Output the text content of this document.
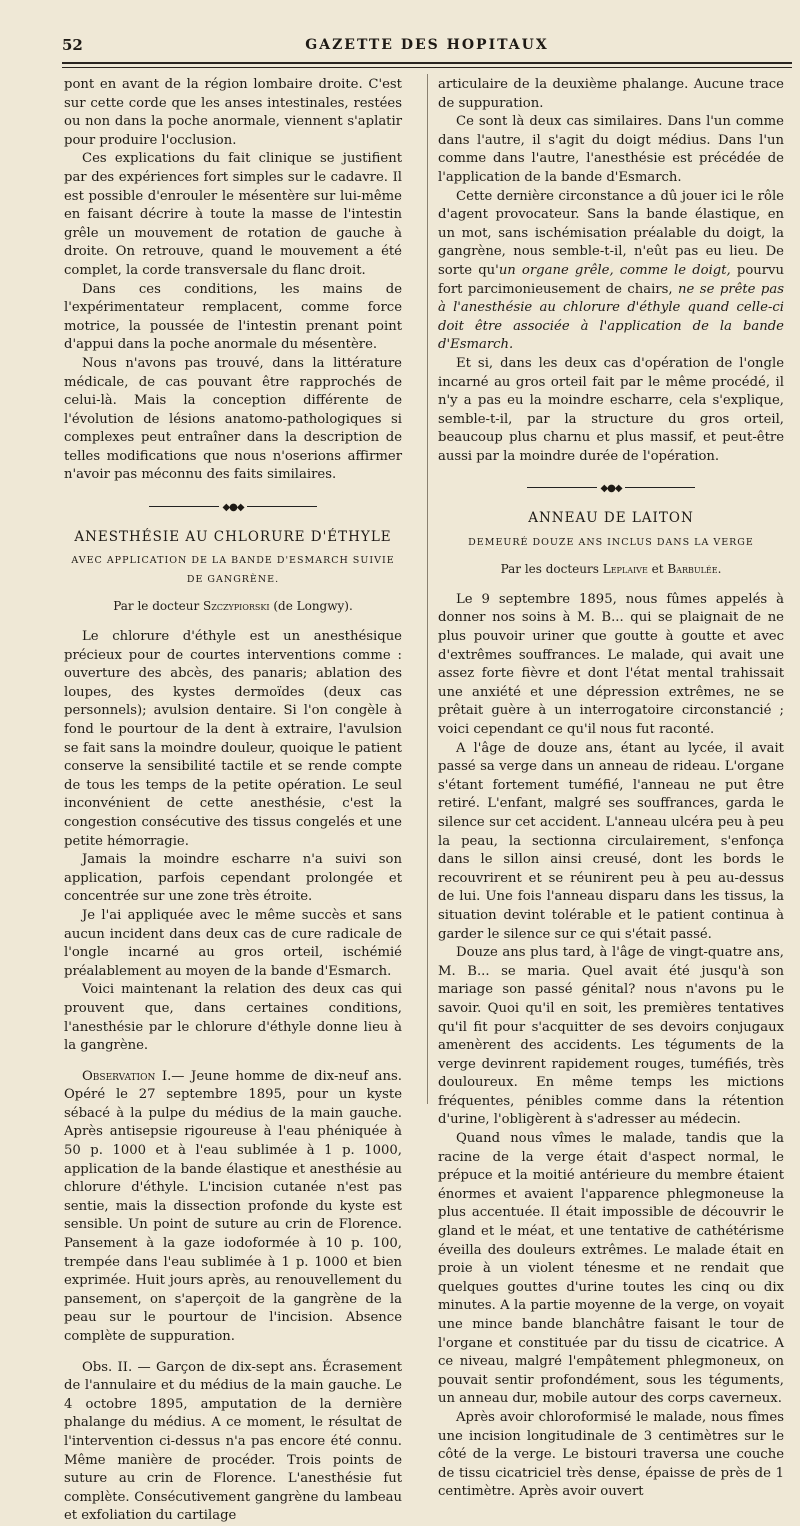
52	GAZETTE DES HOPITAUX

pont en avant de la région lombaire droite. C'est sur cette corde que les anses intestinales, restées ou non dans la poche anormale, viennent s'aplatir pour produire l'occlusion.

Ces explications du fait clinique se justifient par des expériences fort simples sur le cadavre. Il est possible d'enrouler le mésentère sur lui-même en faisant décrire à toute la masse de l'intestin grêle un mouvement de rotation de gauche à droite. On retrouve, quand le mouvement a été complet, la corde transversale du flanc droit.

Dans ces conditions, les mains de l'expérimentateur remplacent, comme force motrice, la poussée de l'intestin prenant point d'appui dans la poche anormale du mésentère.

Nous n'avons pas trouvé, dans la littérature médicale, de cas pouvant être rapprochés de celui-là. Mais la conception différente de l'évolution de lésions anatomo-pathologiques si complexes peut entraîner dans la description de telles modifications que nous n'oserions affirmer n'avoir pas méconnu des faits similaires.

◆●◆
ANESTHÉSIE AU CHLORURE D'ÉTHYLE
AVEC APPLICATION DE LA BANDE D'ESMARCH SUIVIE DE GANGRÈNE.
Par le docteur Szczypiorski (de Longwy).

Le chlorure d'éthyle est un anesthésique précieux pour de courtes interventions comme : ouverture des abcès, des panaris; ablation des loupes, des kystes dermoïdes (deux cas personnels); avulsion dentaire. Si l'on congèle à fond le pourtour de la dent à extraire, l'avulsion se fait sans la moindre douleur, quoique le patient conserve la sensibilité tactile et se rende compte de tous les temps de la petite opération. Le seul inconvénient de cette anesthésie, c'est la congestion consécutive des tissus congelés et une petite hémorragie.

Jamais la moindre escharre n'a suivi son application, parfois cependant prolongée et concentrée sur une zone très étroite.

Je l'ai appliquée avec le même succès et sans aucun incident dans deux cas de cure radicale de l'ongle incarné au gros orteil, ischémié préalablement au moyen de la bande d'Esmarch.

Voici maintenant la relation des deux cas qui prouvent que, dans certaines conditions, l'anesthésie par le chlorure d'éthyle donne lieu à la gangrène.

Observation I.— Jeune homme de dix-neuf ans. Opéré le 27 septembre 1895, pour un kyste sébacé à la pulpe du médius de la main gauche. Après antisepsie rigoureuse à l'eau phéniquée à 50 p. 1000 et à l'eau sublimée à 1 p. 1000, application de la bande élastique et anesthésie au chlorure d'éthyle. L'incision cutanée n'est pas sentie, mais la dissection profonde du kyste est sensible. Un point de suture au crin de Florence. Pansement à la gaze iodoformée à 10 p. 100, trempée dans l'eau sublimée à 1 p. 1000 et bien exprimée. Huit jours après, au renouvellement du pansement, on s'aperçoit de la gangrène de la peau sur le pourtour de l'incision. Absence complète de suppuration.

Obs. II. — Garçon de dix-sept ans. Écrasement de l'annulaire et du médius de la main gauche. Le 4 octobre 1895, amputation de la dernière phalange du médius. A ce moment, le résultat de l'intervention ci-dessus n'a pas encore été connu. Même manière de procéder. Trois points de suture au crin de Florence. L'anesthésie fut complète. Consécutivement gangrène du lambeau et exfoliation du cartilage

articulaire de la deuxième phalange. Aucune trace de suppuration.

Ce sont là deux cas similaires. Dans l'un comme dans l'autre, il s'agit du doigt médius. Dans l'un comme dans l'autre, l'anesthésie est précédée de l'application de la bande d'Esmarch.

Cette dernière circonstance a dû jouer ici le rôle d'agent provocateur. Sans la bande élastique, en un mot, sans ischémisation préalable du doigt, la gangrène, nous semble-t-il, n'eût pas eu lieu. De sorte qu'un organe grêle, comme le doigt, pourvu fort parcimonieusement de chairs, ne se prête pas à l'anesthésie au chlorure d'éthyle quand celle-ci doit être associée à l'application de la bande d'Esmarch.

Et si, dans les deux cas d'opération de l'ongle incarné au gros orteil fait par le même procédé, il n'y a pas eu la moindre escharre, cela s'explique, semble-t-il, par la structure du gros orteil, beaucoup plus charnu et plus massif, et peut-être aussi par la moindre durée de l'opération.

◆●◆
ANNEAU DE LAITON
DEMEURÉ DOUZE ANS INCLUS DANS LA VERGE
Par les docteurs Leplaive et Barbulée.

Le 9 septembre 1895, nous fûmes appelés à donner nos soins à M. B... qui se plaignait de ne plus pouvoir uriner que goutte à goutte et avec d'extrêmes souffrances. Le malade, qui avait une assez forte fièvre et dont l'état mental trahissait une anxiété et une dépression extrêmes, ne se prêtait guère à un interrogatoire circonstancié ; voici cependant ce qu'il nous fut raconté.

A l'âge de douze ans, étant au lycée, il avait passé sa verge dans un anneau de rideau. L'organe s'étant fortement tuméfié, l'anneau ne put être retiré. L'enfant, malgré ses souffrances, garda le silence sur cet accident. L'anneau ulcéra peu à peu la peau, la sectionna circulairement, s'enfonça dans le sillon ainsi creusé, dont les bords le recouvrirent et se réunirent peu à peu au-dessus de lui. Une fois l'anneau disparu dans les tissus, la situation devint tolérable et le patient continua à garder le silence sur ce qui s'était passé.

Douze ans plus tard, à l'âge de vingt-quatre ans, M. B... se maria. Quel avait été jusqu'à son mariage son passé génital? nous n'avons pu le savoir. Quoi qu'il en soit, les premières tentatives qu'il fit pour s'acquitter de ses devoirs conjugaux amenèrent des accidents. Les téguments de la verge devinrent rapidement rouges, tuméfiés, très douloureux. En même temps les mictions fréquentes, pénibles comme dans la rétention d'urine, l'obligèrent à s'adresser au médecin.

Quand nous vîmes le malade, tandis que la racine de la verge était d'aspect normal, le prépuce et la moitié antérieure du membre étaient énormes et avaient l'apparence phlegmoneuse la plus accentuée. Il était impossible de découvrir le gland et le méat, et une tentative de cathétérisme éveilla des douleurs extrêmes. Le malade était en proie à un violent ténesme et ne rendait que quelques gouttes d'urine toutes les cinq ou dix minutes. A la partie moyenne de la verge, on voyait une mince bande blanchâtre faisant le tour de l'organe et constituée par du tissu de cicatrice. A ce niveau, malgré l'empâtement phlegmoneux, on pouvait sentir profondément, sous les téguments, un anneau dur, mobile autour des corps caverneux.

Après avoir chloroformisé le malade, nous fîmes une incision longitudinale de 3 centimètres sur le côté de la verge. Le bistouri traversa une couche de tissu cicatriciel très dense, épaisse de près de 1 centimètre. Après avoir ouvert
